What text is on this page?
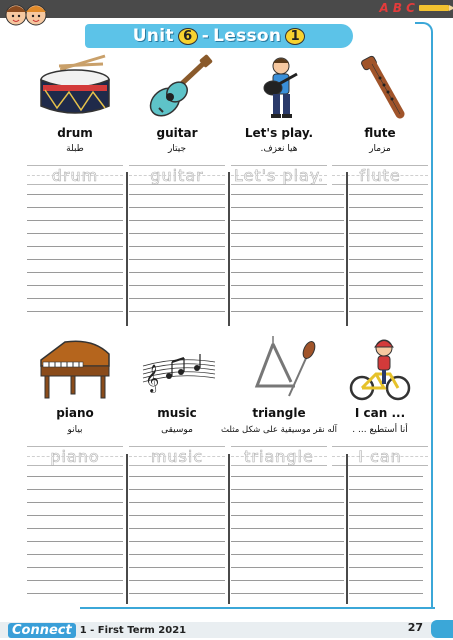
A B C
Unit 6 - Lesson 1
drum	guitar	Let's play.	flute
طبلة	جيتار	هيا نعزف.	مزمار
drum	guitar Let's play. flute
𝄞
piano	music	triangle	I can ...
بيانو	موسيقى	آله نقر موسيقية على شكل مثلث	أنا أستطيع ... .
piano	music	triangle	I can
Connect 1 - First Term 2021	27
